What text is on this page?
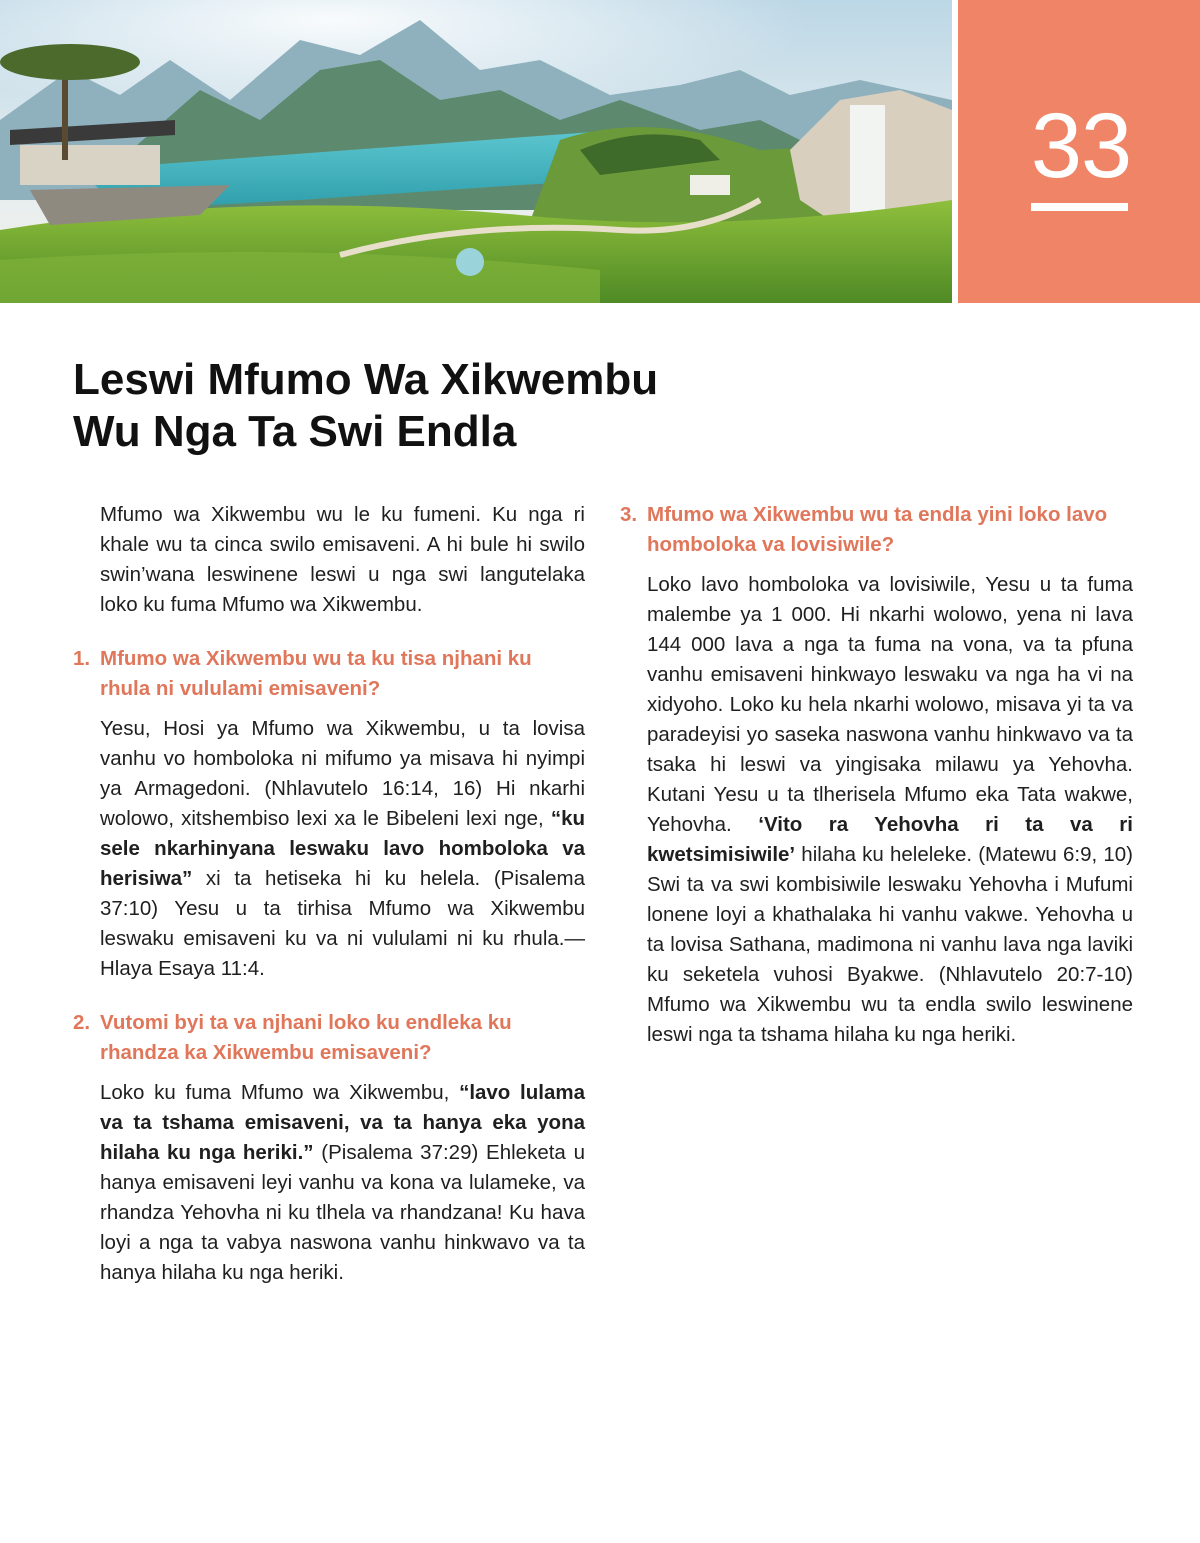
33
Leswi Mfumo Wa Xikwembu
Wu Nga Ta Swi Endla

Mfumo wa Xikwembu wu le ku fumeni. Ku nga ri khale wu ta cinca swilo emisaveni. A hi bule hi swilo swin’wana leswinene leswi u nga swi langutelaka loko ku fuma Mfumo wa Xikwembu.

1. Mfumo wa Xikwembu wu ta ku tisa njhani ku rhula ni vululami emisaveni?

Yesu, Hosi ya Mfumo wa Xikwembu, u ta lovisa vanhu vo homboloka ni mifumo ya misava hi nyimpi ya Armagedoni. (Nhlavutelo 16:14, 16) Hi nkarhi wolowo, xitshembiso lexi xa le Bibeleni lexi nge, “ku sele nkarhinyana leswaku lavo homboloka va herisiwa” xi ta hetiseka hi ku helela. (Pisalema 37:10) Yesu u ta tirhisa Mfumo wa Xikwembu leswaku emisaveni ku va ni vululami ni ku rhula.—Hlaya Esaya 11:4.

2. Vutomi byi ta va njhani loko ku endleka ku rhandza ka Xikwembu emisaveni?

Loko ku fuma Mfumo wa Xikwembu, “lavo lulama va ta tshama emisaveni, va ta hanya eka yona hilaha ku nga heriki.” (Pisalema 37:29) Ehleketa u hanya emisaveni leyi vanhu va kona va lulameke, va rhandza Yehovha ni ku tlhela va rhandzana! Ku hava loyi a nga ta vabya naswona vanhu hinkwavo va ta hanya hilaha ku nga heriki.

3. Mfumo wa Xikwembu wu ta endla yini loko lavo homboloka va lovisiwile?

Loko lavo homboloka va lovisiwile, Yesu u ta fuma malembe ya 1 000. Hi nkarhi wolowo, yena ni lava 144 000 lava a nga ta fuma na vona, va ta pfuna vanhu emisaveni hinkwayo leswaku va nga ha vi na xidyoho. Loko ku hela nkarhi wolowo, misava yi ta va paradeyisi yo saseka naswona vanhu hinkwavo va ta tsaka hi leswi va yingisaka milawu ya Yehovha. Kutani Yesu u ta tlherisela Mfumo eka Tata wakwe, Yehovha. ‘Vito ra Yehovha ri ta va ri kwetsimisiwile’ hilaha ku heleleke. (Matewu 6:9, 10) Swi ta va swi kombisiwile leswaku Yehovha i Mufumi lonene loyi a khathalaka hi vanhu vakwe. Yehovha u ta lovisa Sathana, madimona ni vanhu lava nga laviki ku seketela vuhosi Byakwe. (Nhlavutelo 20:7-10) Mfumo wa Xikwembu wu ta endla swilo leswinene leswi nga ta tshama hilaha ku nga heriki.
